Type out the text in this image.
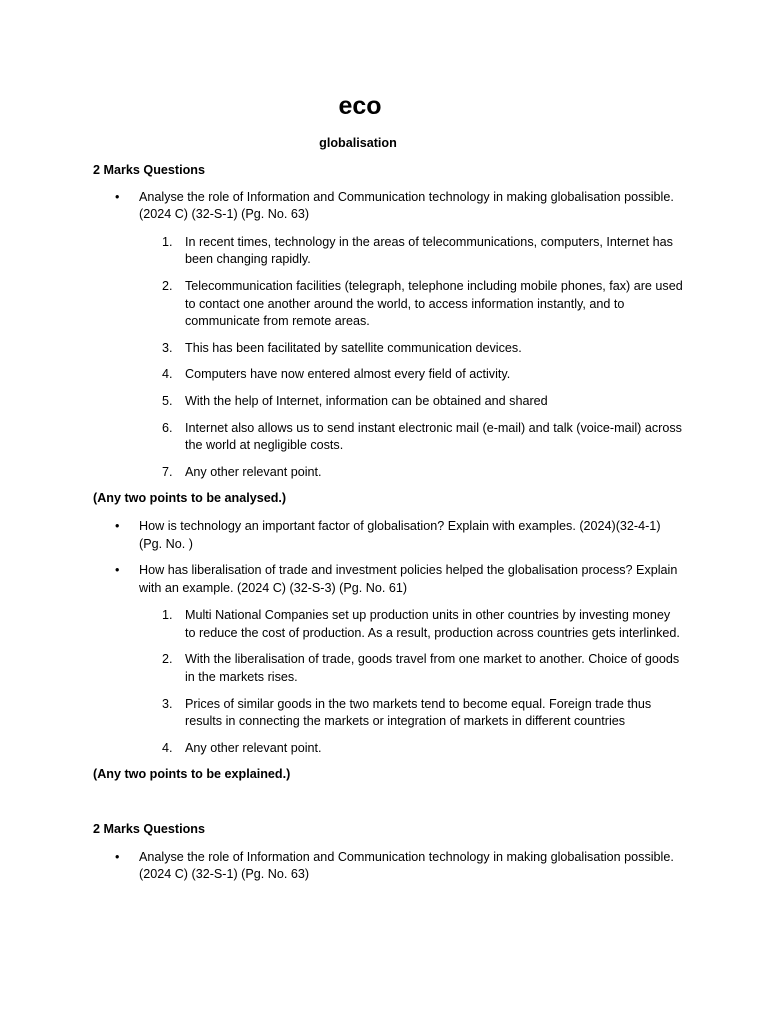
eco
globalisation

2 Marks Questions

• Analyse the role of Information and Communication technology in making globalisation possible. (2024 C) (32-S-1) (Pg. No. 63)
1. In recent times, technology in the areas of telecommunications, computers, Internet has been changing rapidly.
2. Telecommunication facilities (telegraph, telephone including mobile phones, fax) are used to contact one another around the world, to access information instantly, and to communicate from remote areas.
3. This has been facilitated by satellite communication devices.
4. Computers have now entered almost every field of activity.
5. With the help of Internet, information can be obtained and shared
6. Internet also allows us to send instant electronic mail (e-mail) and talk (voice-mail) across the world at negligible costs.
7. Any other relevant point.

(Any two points to be analysed.)

• How is technology an important factor of globalisation? Explain with examples. (2024)(32-4-1) (Pg. No. )
• How has liberalisation of trade and investment policies helped the globalisation process? Explain with an example. (2024 C) (32-S-3) (Pg. No. 61)
1. Multi National Companies set up production units in other countries by investing money to reduce the cost of production. As a result, production across countries gets interlinked.
2. With the liberalisation of trade, goods travel from one market to another. Choice of goods in the markets rises.
3. Prices of similar goods in the two markets tend to become equal. Foreign trade thus results in connecting the markets or integration of markets in different countries
4. Any other relevant point.

(Any two points to be explained.)

2 Marks Questions

• Analyse the role of Information and Communication technology in making globalisation possible. (2024 C) (32-S-1) (Pg. No. 63)
